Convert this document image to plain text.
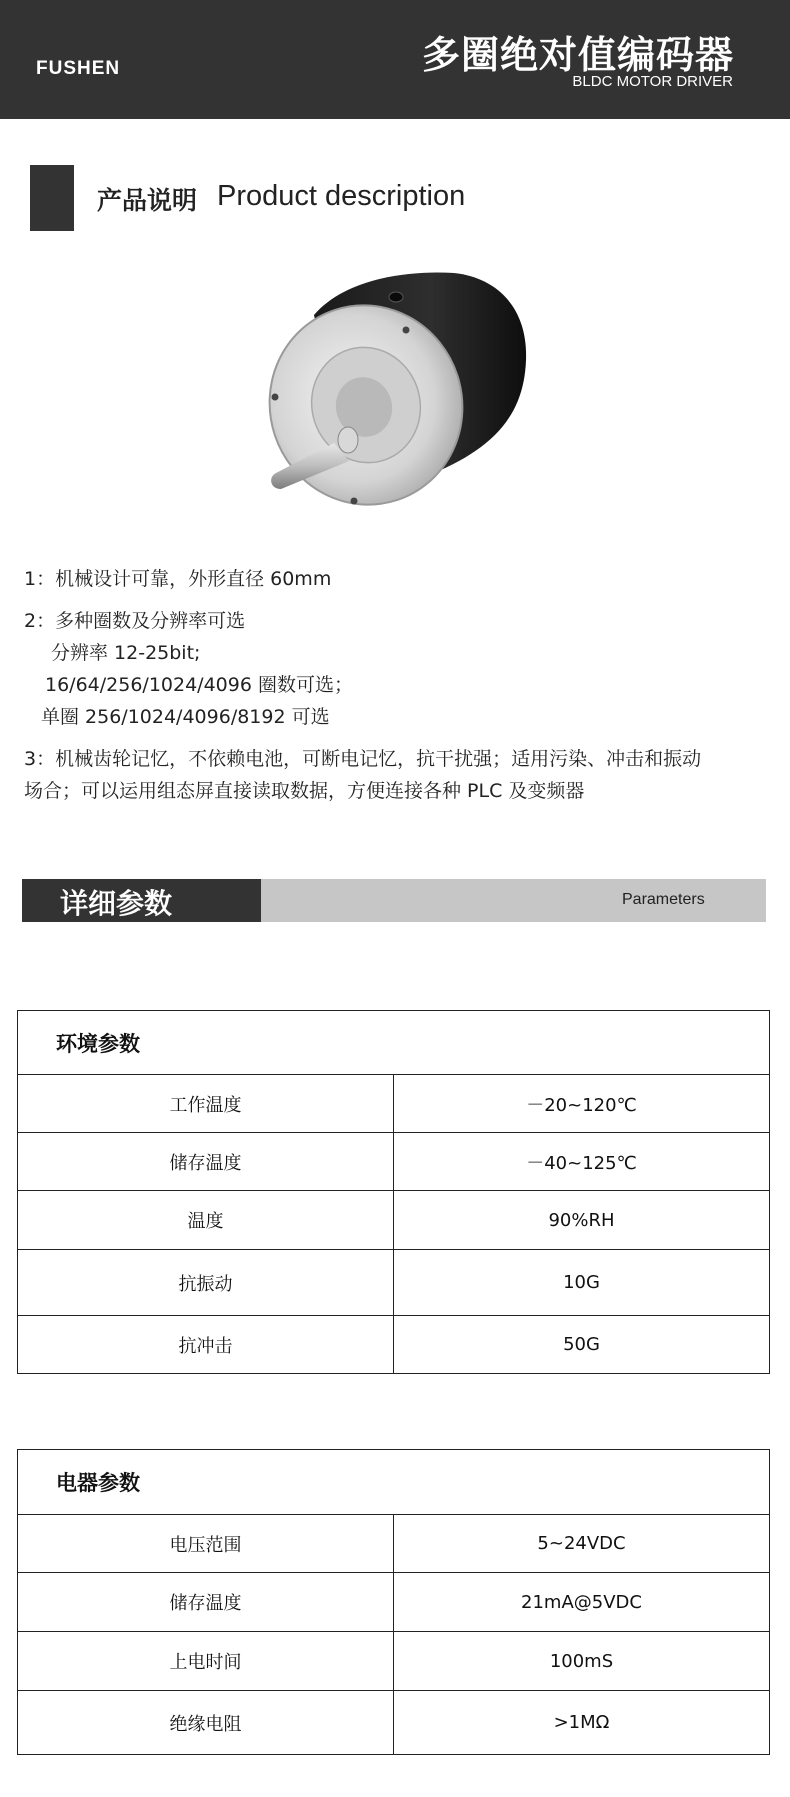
FUSHEN	多圈绝对值编码器
BLDC MOTOR DRIVER
产品说明 Product description
1：机械设计可靠，外形直径 60mm
2：多种圈数及分辨率可选
分辨率 12-25bit;
16/64/256/1024/4096 圈数可选；
单圈 256/1024/4096/8192 可选
3：机械齿轮记忆，不依赖电池，可断电记忆，抗干扰强；适用污染、冲击和振动
场合；可以运用组态屏直接读取数据，方便连接各种 PLC 及变频器
详细参数	Parameters
环境参数	
工作温度	－20~120℃
储存温度	－40~125℃
温度	90%RH
抗振动	10G
抗冲击	50G
电器参数	
电压范围	5~24VDC
储存温度	21mA@5VDC
上电时间	100mS
绝缘电阻	>1MΩ
